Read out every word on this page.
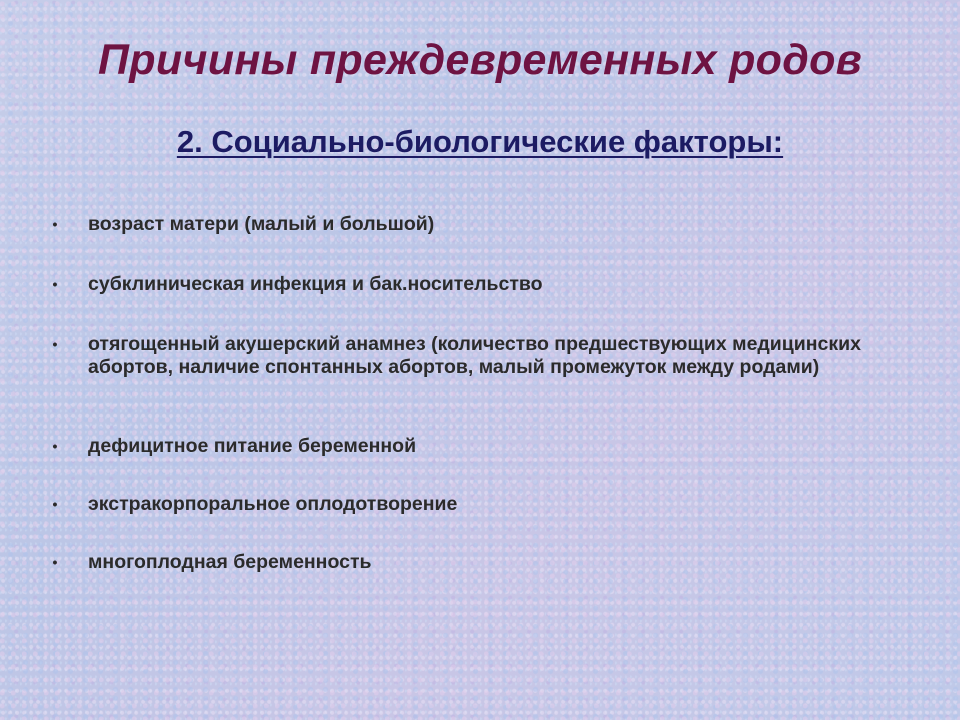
Причины преждевременных родов
2. Социально-биологические факторы:
• возраст матери (малый и большой)
• субклиническая инфекция и бак.носительство
• отягощенный акушерский анамнез (количество предшествующих медицинских абортов, наличие спонтанных абортов, малый промежуток между родами)
• дефицитное питание беременной
• экстракорпоральное оплодотворение
• многоплодная беременность
